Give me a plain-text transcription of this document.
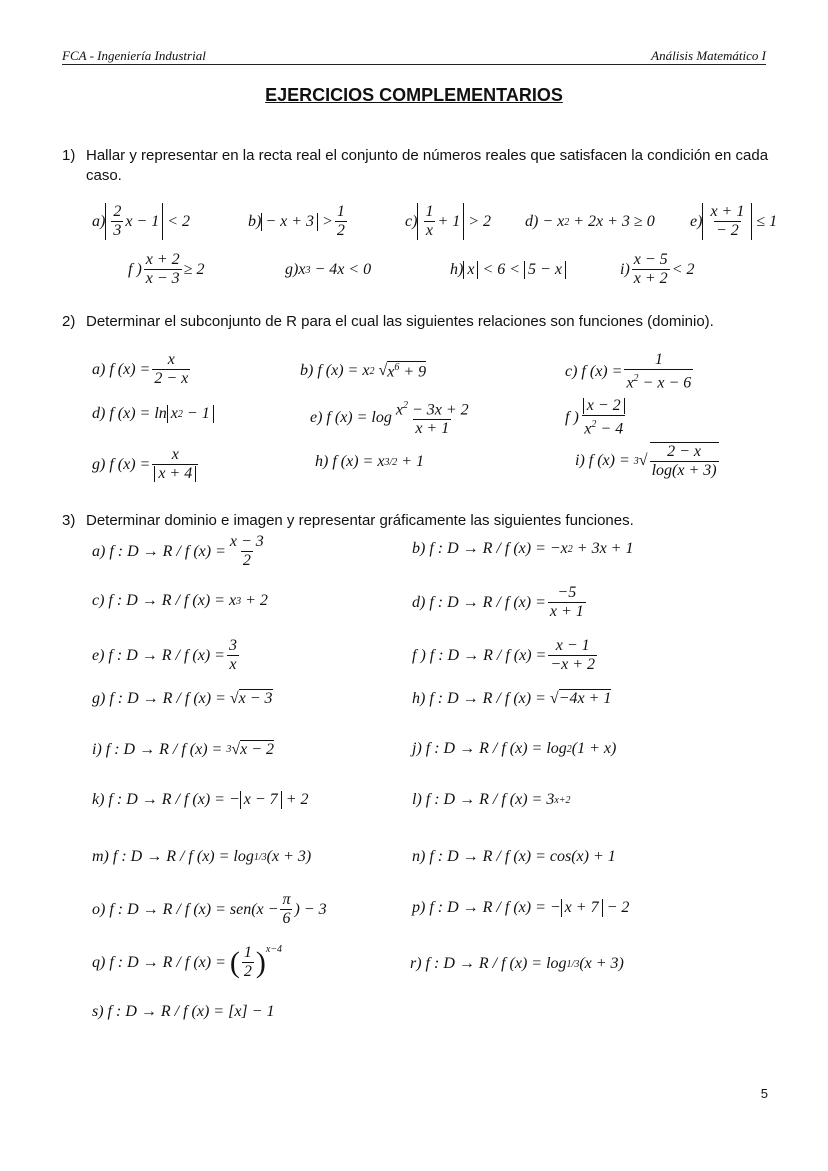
FCA - Ingeniería Industrial	Análisis Matemático I
EJERCICIOS COMPLEMENTARIOS
1) Hallar y representar en la recta real el conjunto de números reales que satisfacen la condición en cada caso.
a)
2
3
x − 1 < 2	b) − x + 3 >
1
2
c)
1
x
+ 1 > 2 d) − x 2 + 2x + 3 ≥ 0 e)
x + 1
− 2
≤ 1
f )
x + 2
x − 3
≥ 2	g)x 3 − 4x < 0	h) x < 6 < 5 − x	i)
x − 5
x + 2
< 2
2) Determinar el subconjunto de R para el cual las siguientes relaciones son funciones (dominio).
a) f (x) =
x
2 − x	b) f (x) = x 2 √ $x^6 + 9$	c) f (x) =
1
$x^2 - x - 6$
d) f (x) = ln x 2 − 1	e) f $(x) = \log x^2 - 3x + 2$
x + 1
f )
x − 2
$x^2 - 4$
g) f (x) =
x
x + 4
h) f (x) = x 3/2 + 1	i) f (x) = 3 √
2 − x
log(x + 3)
3) Determinar dominio e imagen y representar gráficamente las siguientes funciones.
a) f : D → R / f (x) =
x − 3
2
b) f : D → R / f (x) = −x 2 + 3x + 1
c) f : D → R / f (x) = x 3 + 2	d) f : D → R / f (x) =
−5
x + 1
e) f : D → R / f (x) =
3
x
f ) f : D → R / f (x) =
x − 1
−x + 2
g) f : D → R / f (x) = √ x − 3	h) f : D → R / f (x) = √ −4x + 1
i) f : D → R / f (x) = 3 √ x − 2	j) f : D → R / f (x) = log 2 (1 + x)
k) f : D → R / f (x) = − x − 7 + 2	l) f : D → R / f (x) = 3 x+2
m) f : D → R / f (x) = log 1/3 (x + 3)	n) f : D → R / f (x) = cos(x) + 1
o) f : D → R / f (x) = sen(x −
π
6
) − 3	p) f : D → R / f (x) = − x + 7 − 2
q) f : D → R / f (x) = ( 1
2 )$^{x-4}$
r) f : D → R / f (x) = log 1/3 (x + 3)
s) f : D → R / f (x) = [x] − 1
5
